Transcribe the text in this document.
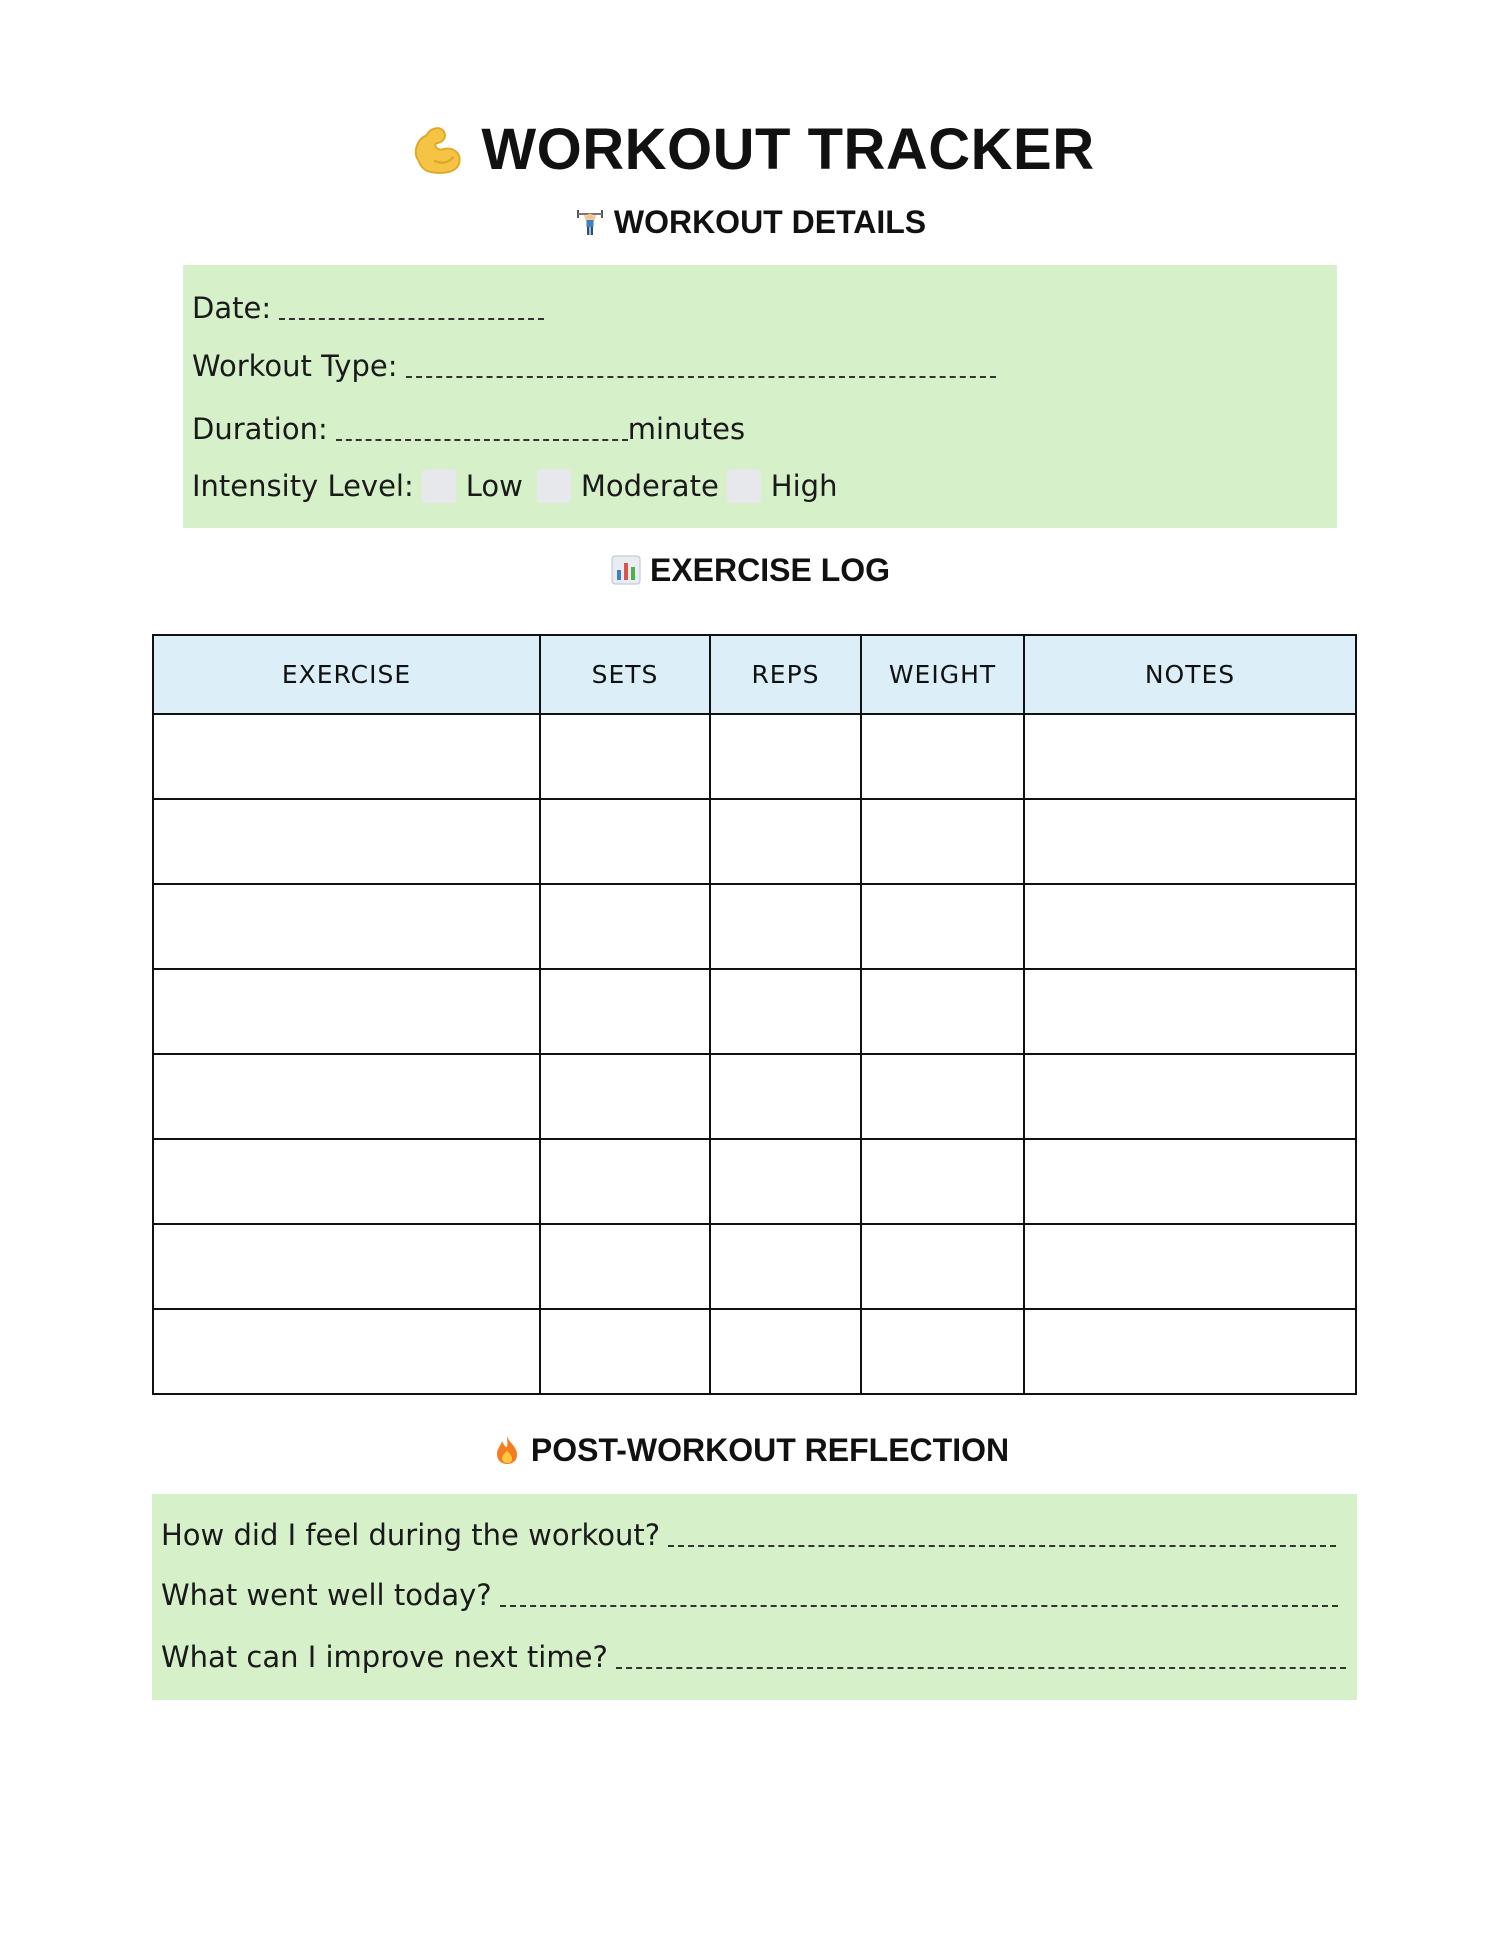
WORKOUT TRACKER
WORKOUT DETAILS
Date:
Workout Type:
Duration:	minutes
Intensity Level: Low Moderate High
EXERCISE LOG
EXERCISE	SETS	REPS	WEIGHT	NOTES

POST-WORKOUT REFLECTION
How did I feel during the workout?
What went well today?
What can I improve next time?
